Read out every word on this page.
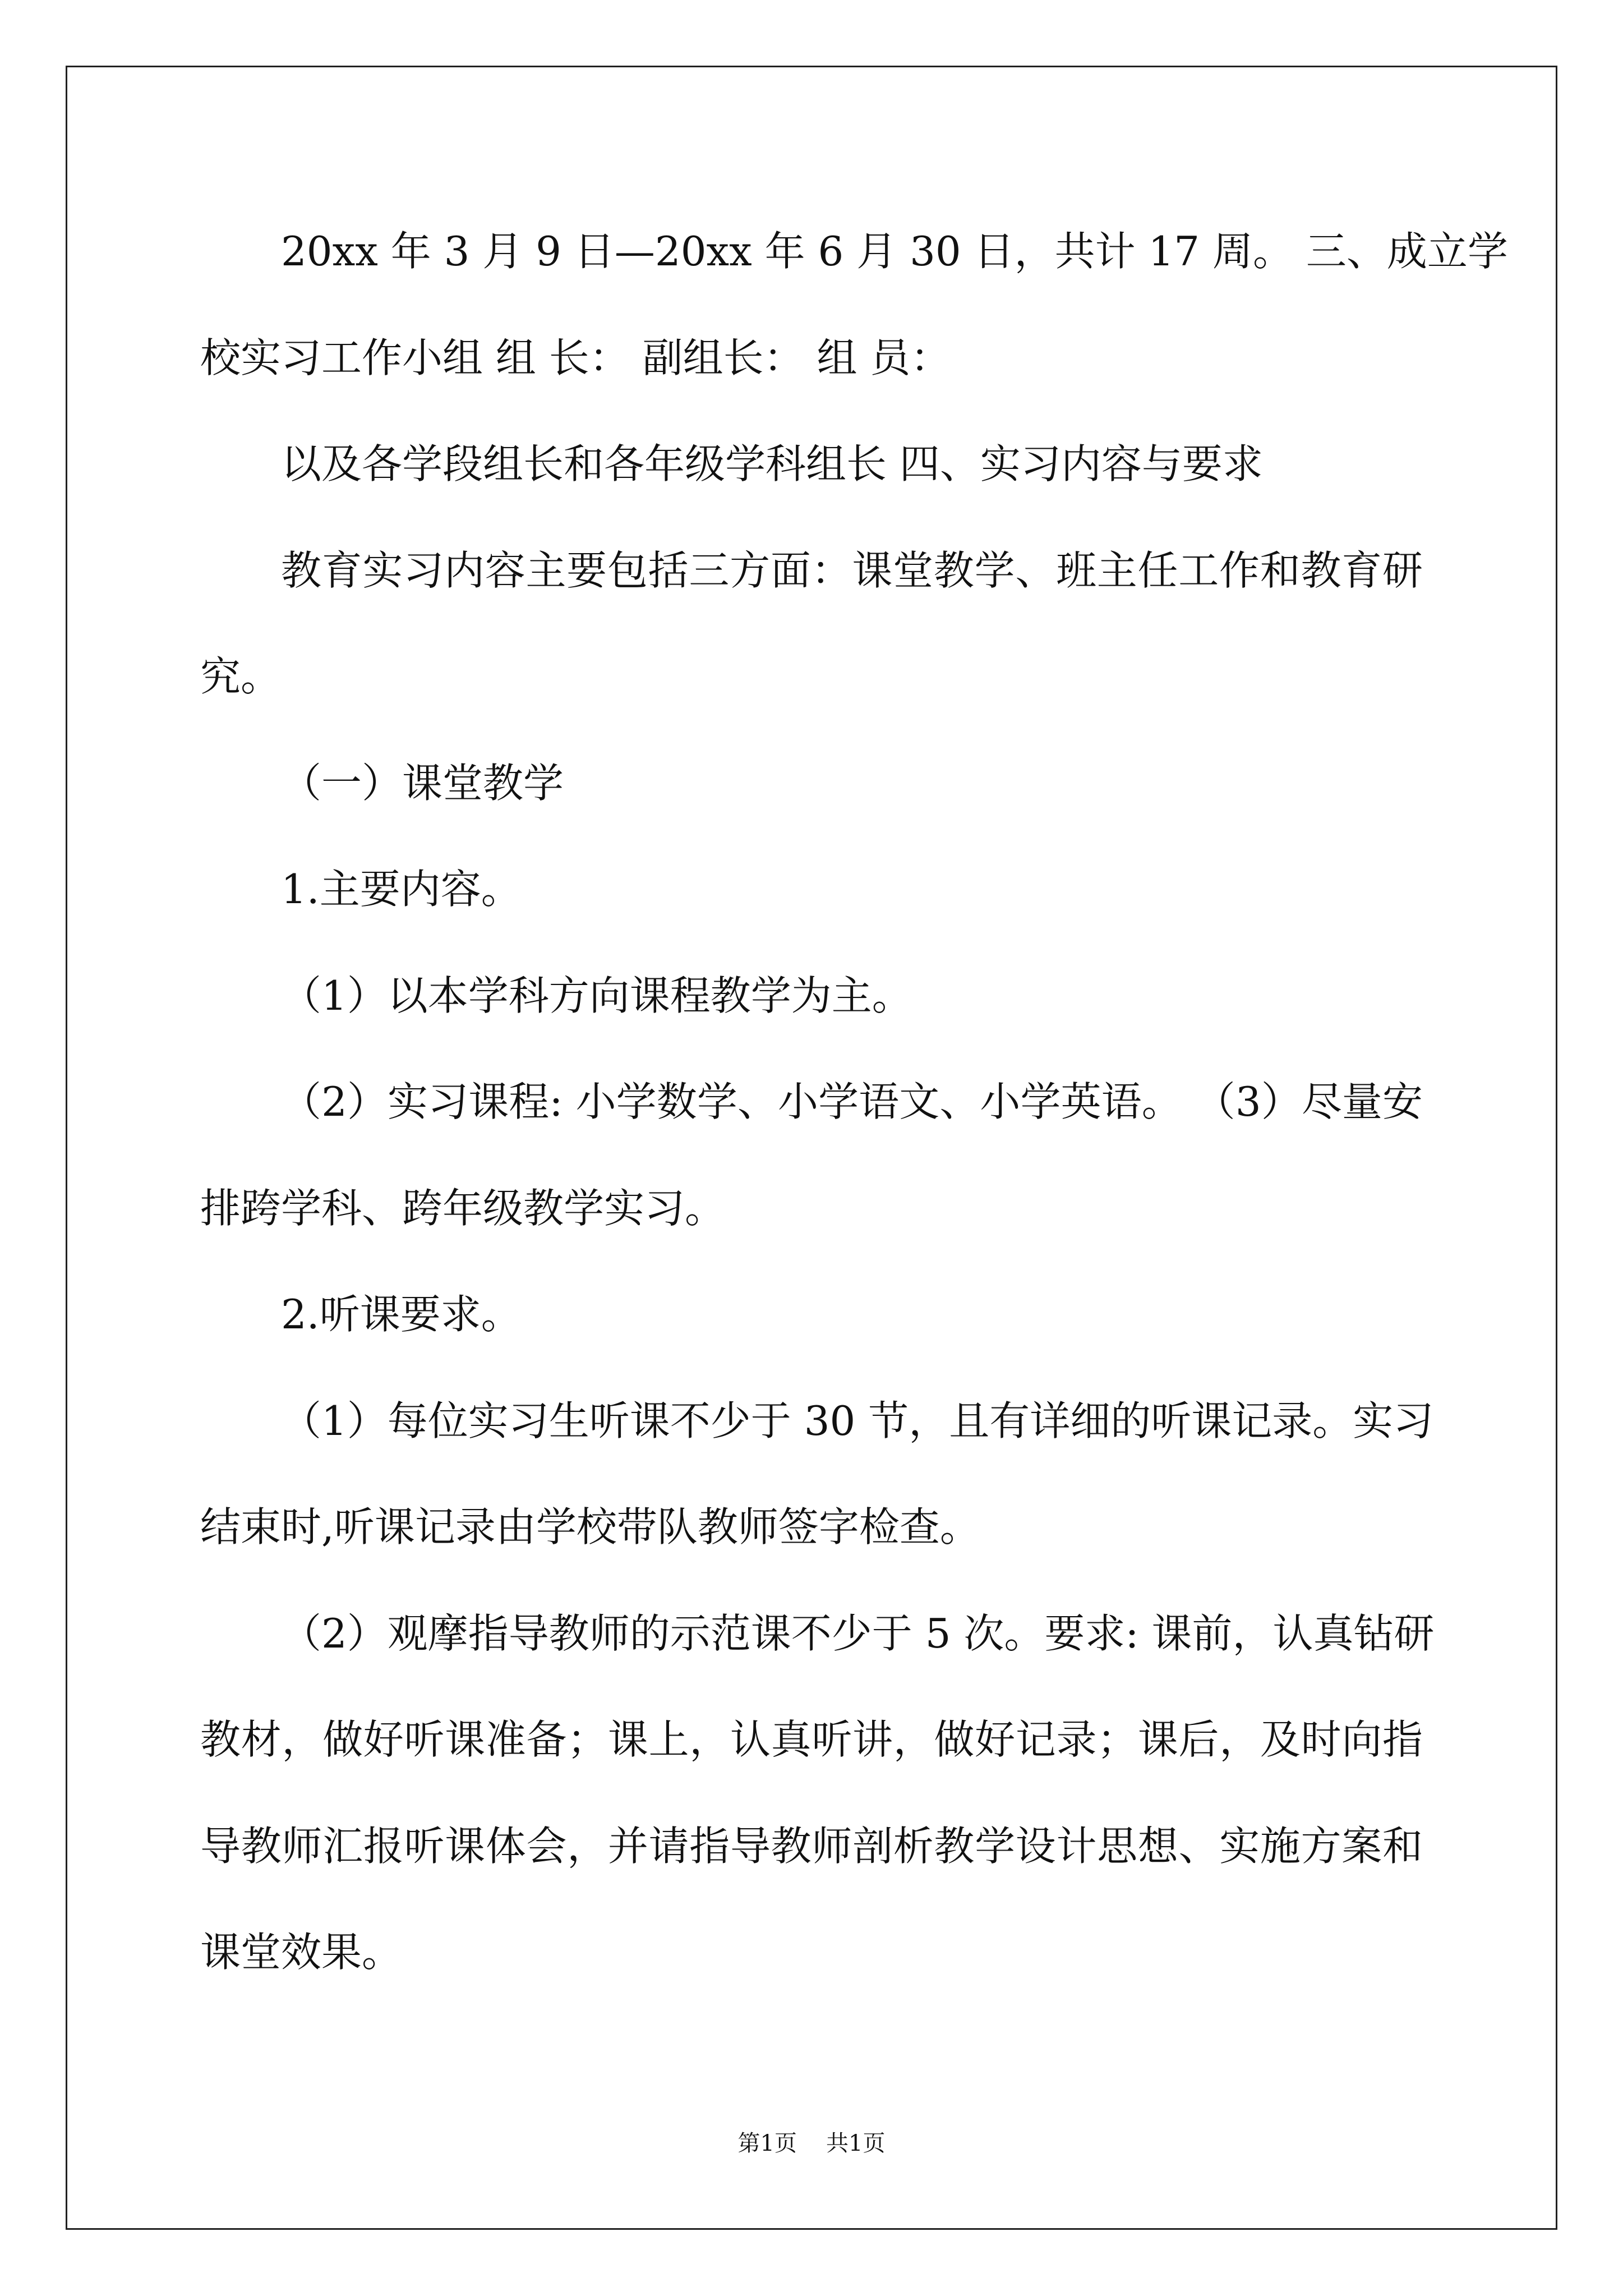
20xx 年 3 月 9 日—20xx 年 6 月 30 日，共计 17 周。 三、成立学
校实习工作小组 组 长： 副组长： 组 员：
以及各学段组长和各年级学科组长 四、实习内容与要求
教育实习内容主要包括三方面：课堂教学、班主任工作和教育研
究。
（一）课堂教学
1.主要内容。
（1）以本学科方向课程教学为主。
（2）实习课程: 小学数学、小学语文、小学英语。 （3）尽量安
排跨学科、跨年级教学实习。
2.听课要求。
（1）每位实习生听课不少于 30 节，且有详细的听课记录。实习
结束时,听课记录由学校带队教师签字检查。
（2）观摩指导教师的示范课不少于 5 次。要求: 课前，认真钻研
教材，做好听课准备；课上，认真听讲，做好记录；课后，及时向指
导教师汇报听课体会，并请指导教师剖析教学设计思想、实施方案和
课堂效果。
第1页 共1页
